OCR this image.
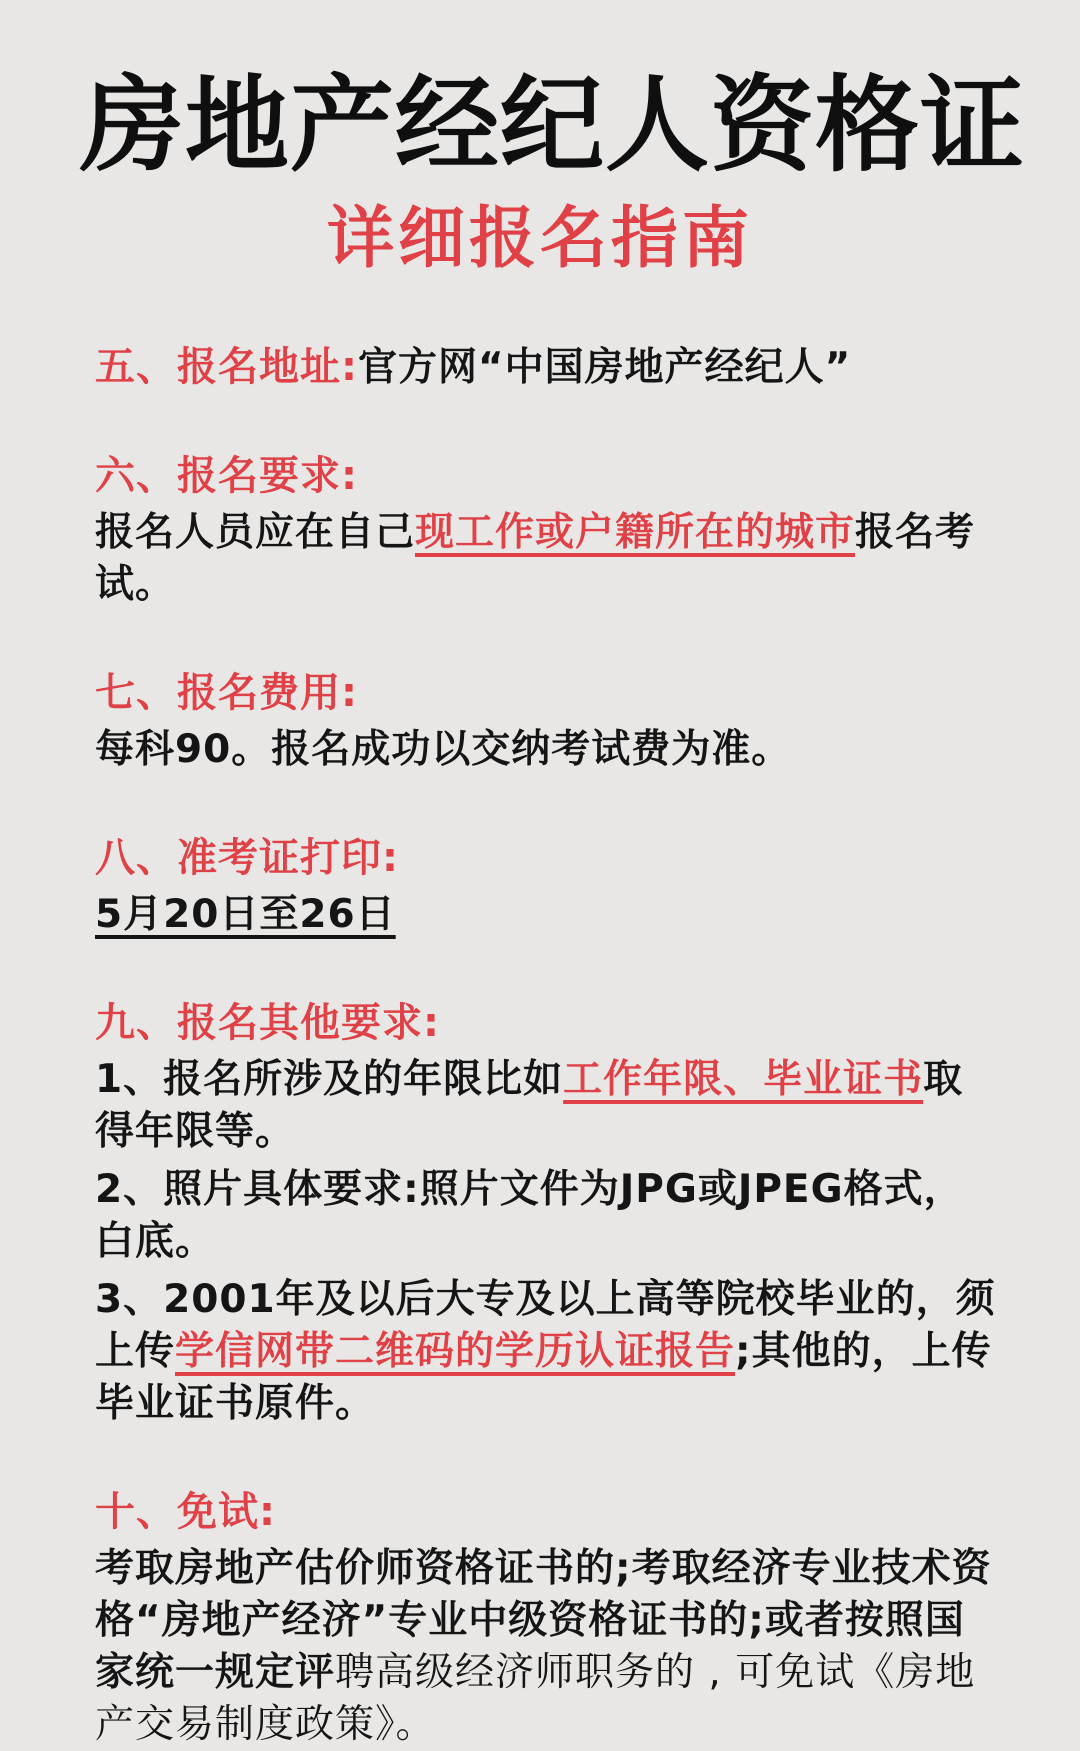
房地产经纪人资格证
详细报名指南

五、报名地址:官方网“中国房地产经纪人”

六、报名要求:

报名人员应在自己现工作或户籍所在的城市报名考试。

七、报名费用:

每科90。报名成功以交纳考试费为准。

八、准考证打印:

5月20日至26日

九、报名其他要求:

1、报名所涉及的年限比如工作年限、毕业证书取得年限等。

2、照片具体要求:照片文件为JPG或JPEG格式，白底。

3、2001年及以后大专及以上高等院校毕业的，须上传学信网带二维码的学历认证报告;其他的，上传毕业证书原件。

十、免试:

考取房地产估价师资格证书的;考取经济专业技术资格“房地产经济”专业中级资格证书的;或者按照国家统一规定评聘高级经济师职务的 , 可免试《房地产交易制度政策》。
